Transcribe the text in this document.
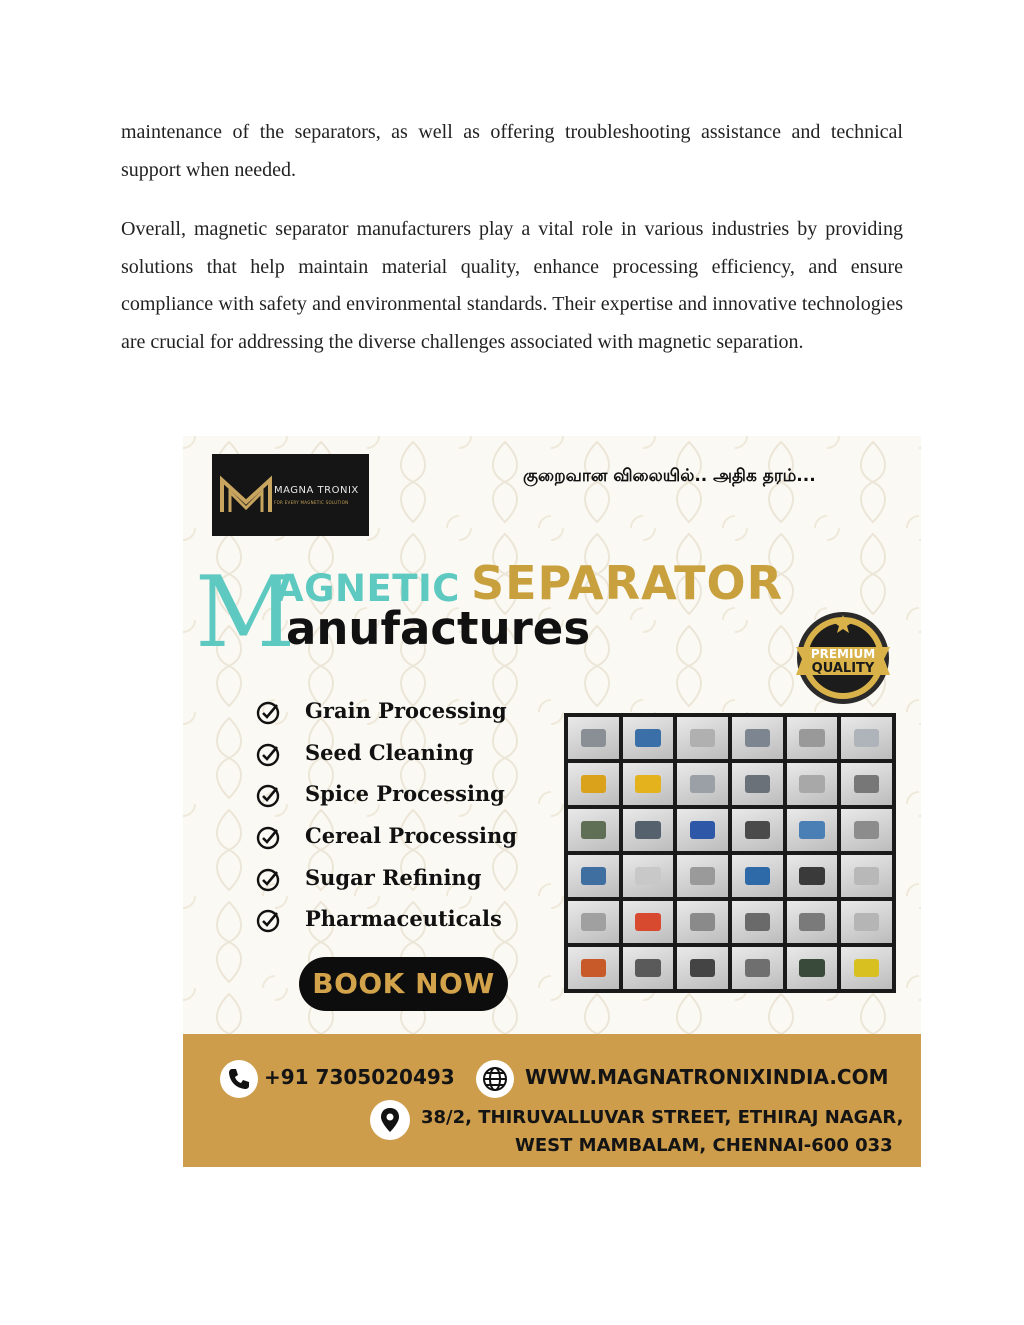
maintenance of the separators, as well as offering troubleshooting assistance and technical support when needed.

Overall, magnetic separator manufacturers play a vital role in various industries by providing solutions that help maintain material quality, enhance processing efficiency, and ensure compliance with safety and environmental standards. Their expertise and innovative technologies are crucial for addressing the diverse challenges associated with magnetic separation.

MAGNA TRONIX
FOR EVERY MAGNETIC SOLUTION
குறைவான விலையில்.. அதிக தரம்...
M
AGNETIC SEPARATOR
anufactures	PREMIUM
QUALITY
Grain Processing
Seed Cleaning
Spice Processing
Cereal Processing
Sugar Refining
Pharmaceuticals
BOOK NOW
+91 7305020493	WWW.MAGNATRONIXINDIA.COM
38/2, THIRUVALLUVAR STREET, ETHIRAJ NAGAR,
WEST MAMBALAM, CHENNAI-600 033
